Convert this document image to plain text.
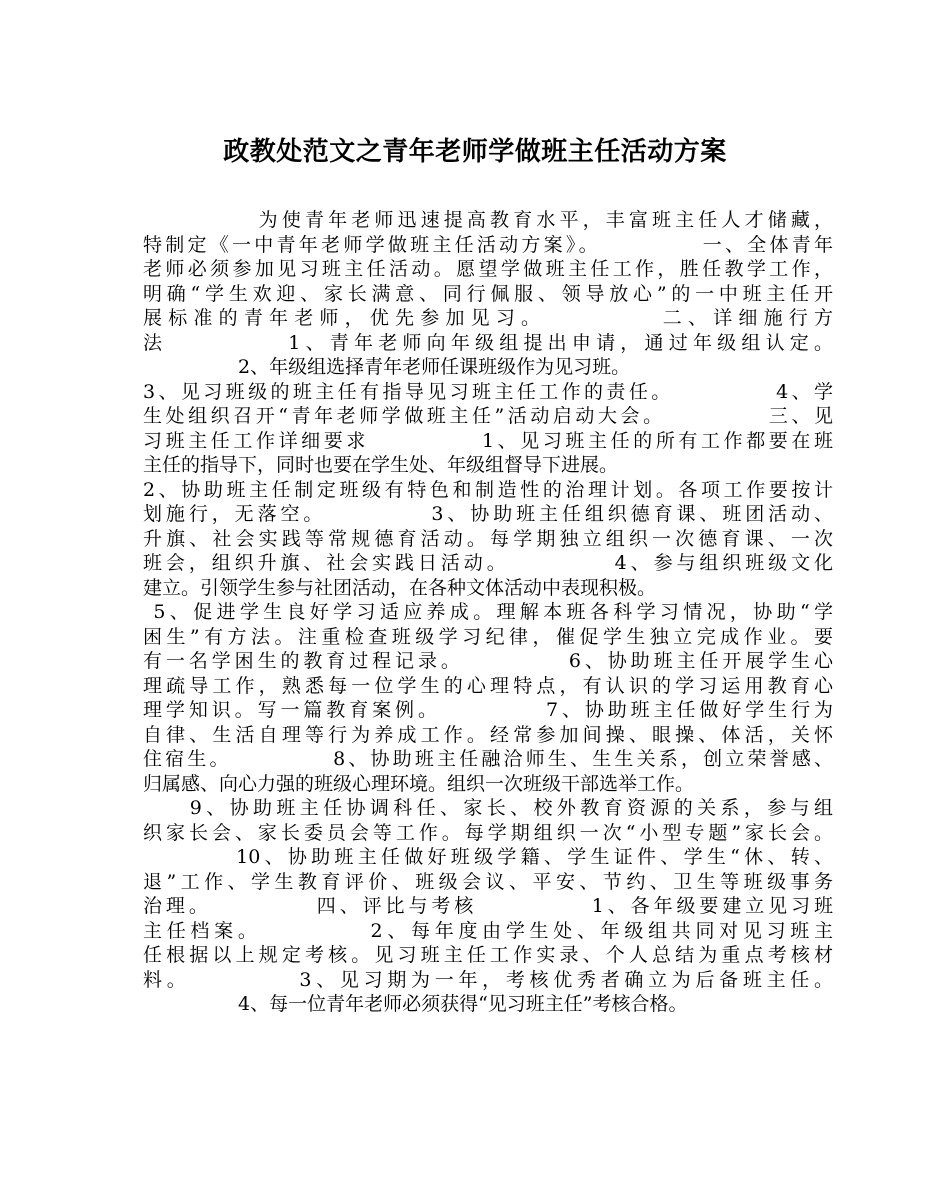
政教处范文之青年老师学做班主任活动方案
　　　　　为使青年老师迅速提高教育水平，丰富班主任人才储藏，
特制定《一中青年老师学做班主任活动方案》。　　　　　一、全体青年
老师必须参加见习班主任活动。愿望学做班主任工作，胜任教学工作，
明确“学生欢迎、家长满意、同行佩服、领导放心”的一中班主任开
展标准的青年老师，优先参加见习。　　　　　二、详细施行方
法　　　　　1、青年老师向年级组提出申请，通过年级组认定。
　　　　　2、年级组选择青年老师任课班级作为见习班。
3、见习班级的班主任有指导见习班主任工作的责任。　　　　　4、学
生处组织召开“青年老师学做班主任”活动启动大会。　　　　　三、见
习班主任工作详细要求　　　　　1、见习班主任的所有工作都要在班
主任的指导下，同时也要在学生处、年级组督导下进展。
2、协助班主任制定班级有特色和制造性的治理计划。各项工作要按计
划施行，无落空。　　　　　3、协助班主任组织德育课、班团活动、
升旗、社会实践等常规德育活动。每学期独立组织一次德育课、一次
班会，组织升旗、社会实践日活动。　　　　　4、参与组织班级文化
建立。引领学生参与社团活动，在各种文体活动中表现积极。
5、促进学生良好学习适应养成。理解本班各科学习情况，协助“学
困生”有方法。注重检查班级学习纪律，催促学生独立完成作业。要
有一名学困生的教育过程记录。　　　　　6、协助班主任开展学生心
理疏导工作，熟悉每一位学生的心理特点，有认识的学习运用教育心
理学知识。写一篇教育案例。　　　　　7、协助班主任做好学生行为
自律、生活自理等行为养成工作。经常参加间操、眼操、体活，关怀
住宿生。　　　　　8、协助班主任融洽师生、生生关系，创立荣誉感、
归属感、向心力强的班级心理环境。组织一次班级干部选举工作。
　　9、协助班主任协调科任、家长、校外教育资源的关系，参与组
织家长会、家长委员会等工作。每学期组织一次“小型专题”家长会。
　　　　10、协助班主任做好班级学籍、学生证件、学生“休、转、
退”工作、学生教育评价、班级会议、平安、节约、卫生等班级事务
治理。　　　　　四、评比与考核　　　　　1、各年级要建立见习班
主任档案。　　　　　2、每年度由学生处、年级组共同对见习班主
任根据以上规定考核。见习班主任工作实录、个人总结为重点考核材
料。　　　　　3、见习期为一年，考核优秀者确立为后备班主任。
　　　　　4、每一位青年老师必须获得“见习班主任”考核合格。
